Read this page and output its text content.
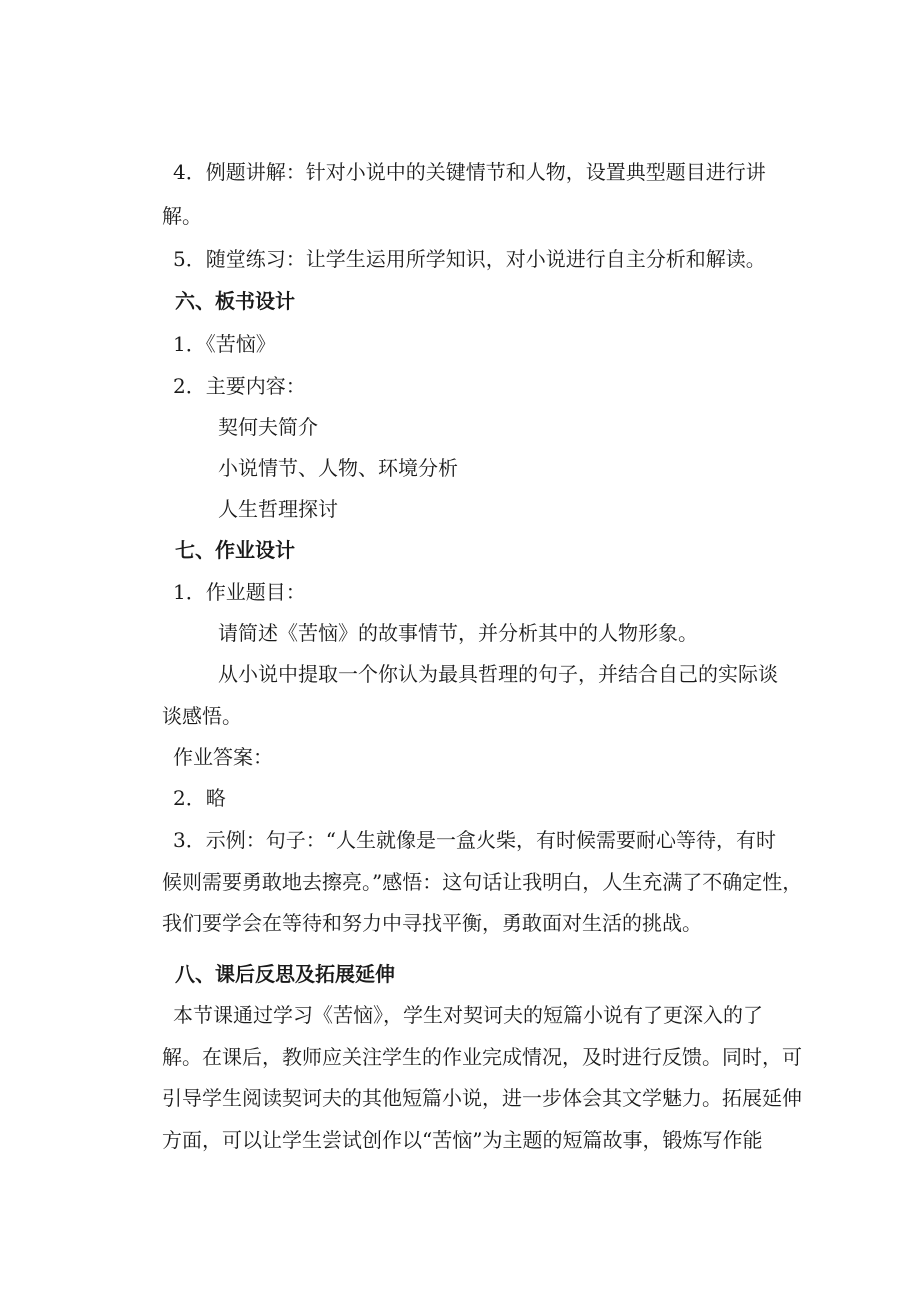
4．例题讲解：针对小说中的关键情节和人物，设置典型题目进行讲

解。

5．随堂练习：让学生运用所学知识，对小说进行自主分析和解读。

六、板书设计

1．《苦恼》

2．主要内容：

契何夫简介

小说情节、人物、环境分析

人生哲理探讨

七、作业设计

1．作业题目：

请简述《苦恼》的故事情节，并分析其中的人物形象。

从小说中提取一个你认为最具哲理的句子，并结合自己的实际谈

谈感悟。

作业答案：

2．略

3．示例：句子：“人生就像是一盒火柴，有时候需要耐心等待，有时

候则需要勇敢地去擦亮。”感悟：这句话让我明白，人生充满了不确定性，

我们要学会在等待和努力中寻找平衡，勇敢面对生活的挑战。

八、课后反思及拓展延伸

本节课通过学习《苦恼》，学生对契诃夫的短篇小说有了更深入的了

解。在课后，教师应关注学生的作业完成情况，及时进行反馈。同时，可

引导学生阅读契诃夫的其他短篇小说，进一步体会其文学魅力。拓展延伸

方面，可以让学生尝试创作以“苦恼”为主题的短篇故事，锻炼写作能
